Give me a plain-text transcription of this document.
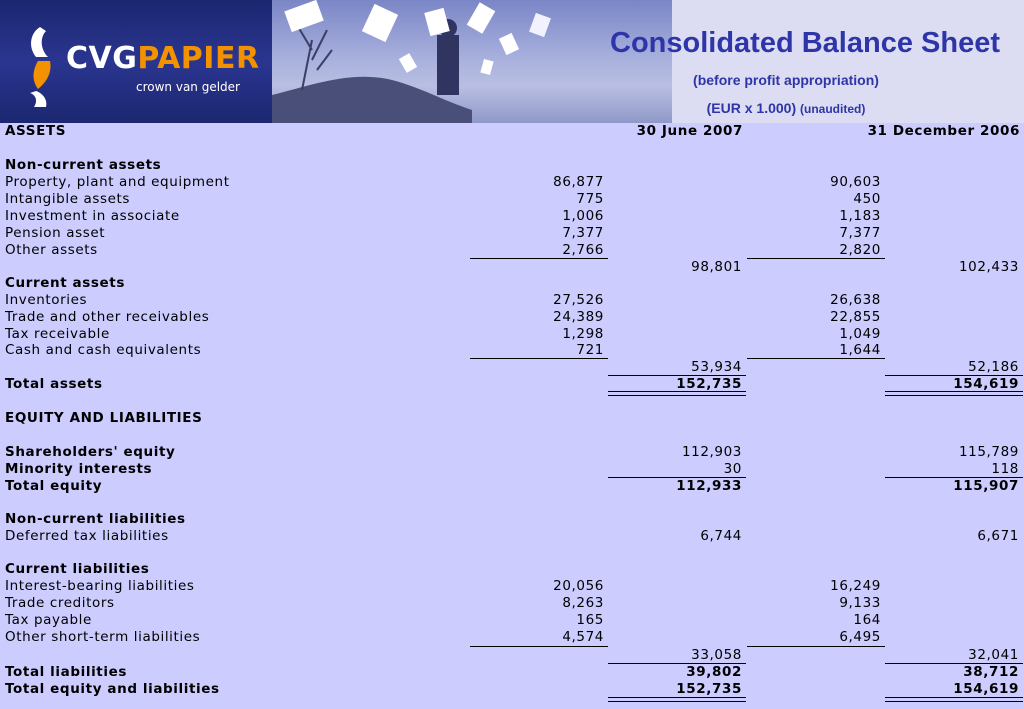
CVGPAPIER
crown van gelder
Consolidated Balance Sheet
(before profit appropriation)
(EUR x 1.000) (unaudited)
ASSETS	30 June 2007	31 December 2006
Non-current assets
Property, plant and equipment	86,877	90,603
Intangible assets	775	450
Investment in associate	1,006	1,183
Pension asset	7,377	7,377
Other assets	2,766	2,820
98,801	102,433
Current assets
Inventories	27,526	26,638
Trade and other receivables	24,389	22,855
Tax receivable	1,298	1,049
Cash and cash equivalents	721	1,644
53,934	52,186
Total assets	152,735	154,619
EQUITY AND LIABILITIES
Shareholders' equity	112,903	115,789
Minority interests	30	118
Total equity	112,933	115,907
Non-current liabilities
Deferred tax liabilities	6,744	6,671
Current liabilities
Interest-bearing liabilities	20,056	16,249
Trade creditors	8,263	9,133
Tax payable	165	164
Other short-term liabilities	4,574	6,495
33,058	32,041
Total liabilities	39,802	38,712
Total equity and liabilities	152,735	154,619
